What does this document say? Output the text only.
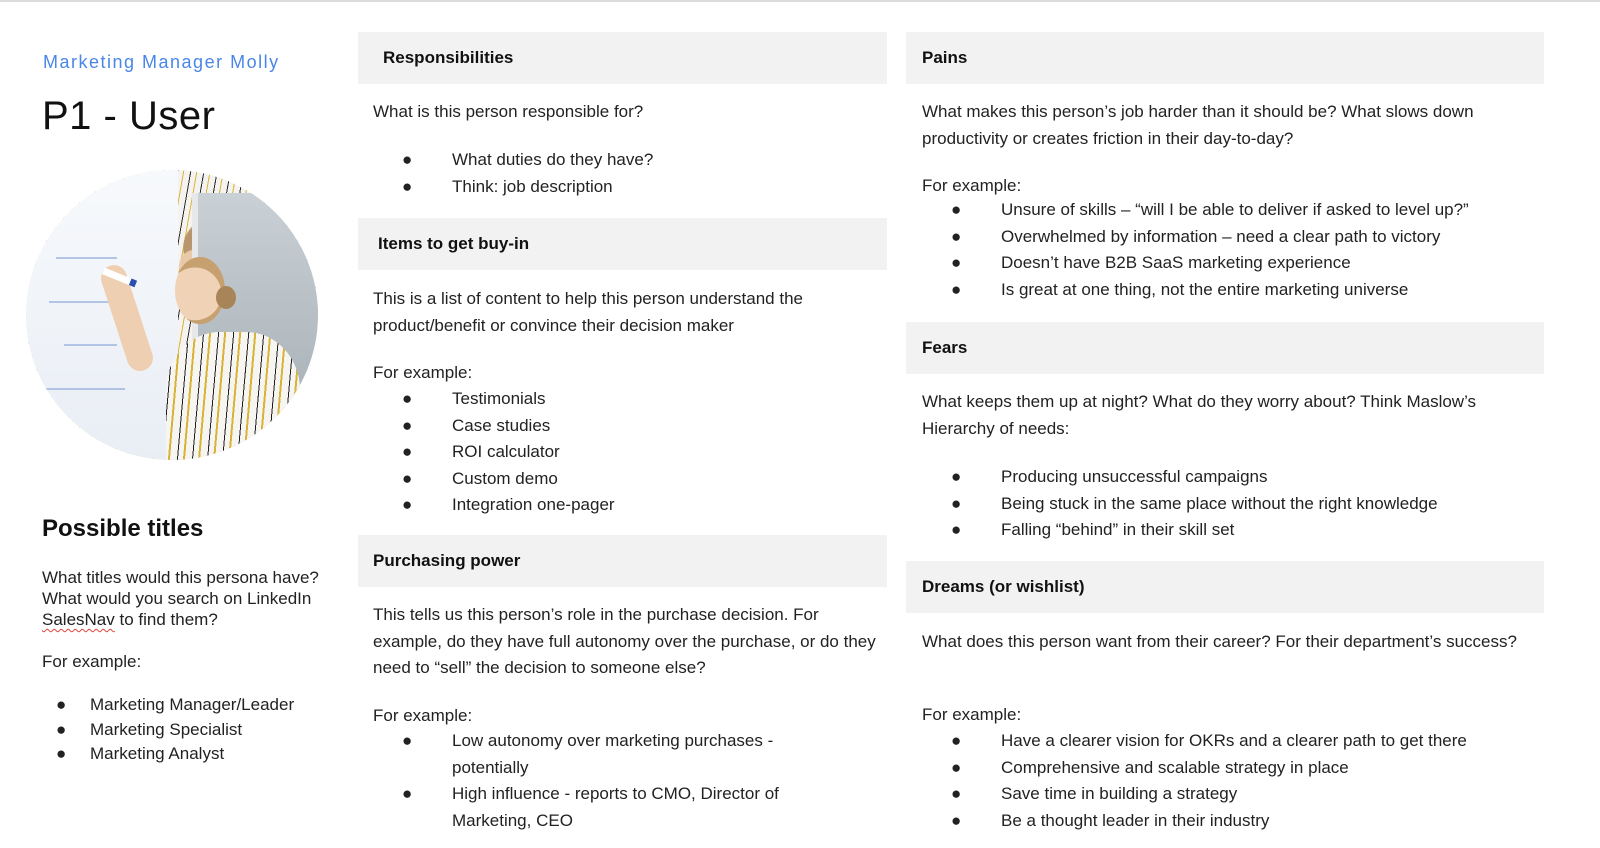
Marketing Manager Molly
P1 - User
Possible titles
What titles would this persona have? What would you search on LinkedIn SalesNav to find them?
For example:
● Marketing Manager/Leader
● Marketing Specialist
● Marketing Analyst
Responsibilities
What is this person responsible for?
● What duties do they have?
● Think: job description
Items to get buy-in
This is a list of content to help this person understand the product/benefit or convince their decision maker
For example:
● Testimonials
● Case studies
● ROI calculator
● Custom demo
● Integration one-pager
Purchasing power
This tells us this person’s role in the purchase decision. For example, do they have full autonomy over the purchase, or do they need to “sell” the decision to someone else?
For example:
● Low autonomy over marketing purchases - potentially
● High influence - reports to CMO, Director of Marketing, CEO
Pains
What makes this person’s job harder than it should be? What slows down productivity or creates friction in their day-to-day?
For example:
● Unsure of skills – “will I be able to deliver if asked to level up?”
● Overwhelmed by information – need a clear path to victory
● Doesn’t have B2B SaaS marketing experience
● Is great at one thing, not the entire marketing universe
Fears
What keeps them up at night? What do they worry about? Think Maslow’s Hierarchy of needs:
● Producing unsuccessful campaigns
● Being stuck in the same place without the right knowledge
● Falling “behind” in their skill set
Dreams (or wishlist)
What does this person want from their career? For their department’s success?
For example:
● Have a clearer vision for OKRs and a clearer path to get there
● Comprehensive and scalable strategy in place
● Save time in building a strategy
● Be a thought leader in their industry
